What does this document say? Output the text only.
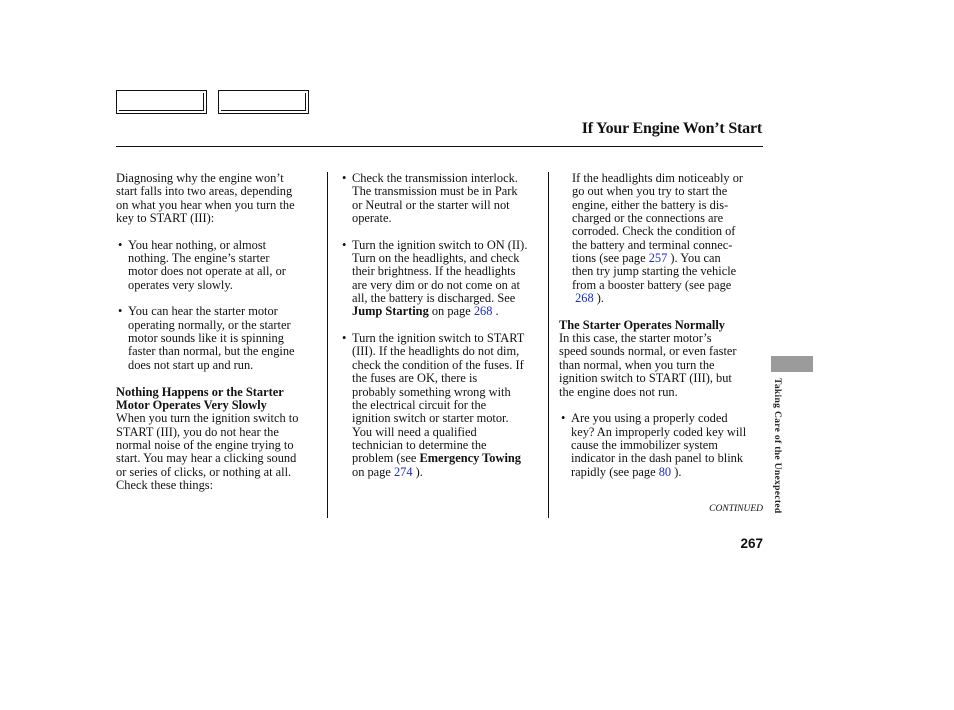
If Your Engine Won’t Start

Diagnosing why the engine won’t

start falls into two areas, depending

on what you hear when you turn the

key to START (III):

• You hear nothing, or almost

nothing. The engine’s starter

motor does not operate at all, or

operates very slowly.

• You can hear the starter motor

operating normally, or the starter

motor sounds like it is spinning

faster than normal, but the engine

does not start up and run.

Nothing Happens or the Starter

Motor Operates Very Slowly

When you turn the ignition switch to

START (III), you do not hear the

normal noise of the engine trying to

start. You may hear a clicking sound

or series of clicks, or nothing at all.

Check these things:

• Check the transmission interlock.

The transmission must be in Park

or Neutral or the starter will not

operate.

• Turn the ignition switch to ON (II).

Turn on the headlights, and check

their brightness. If the headlights

are very dim or do not come on at

all, the battery is discharged. See

Jump Starting on page 268 .

• Turn the ignition switch to START

(III). If the headlights do not dim,

check the condition of the fuses. If

the fuses are OK, there is

probably something wrong with

the electrical circuit for the

ignition switch or starter motor.

You will need a qualified

technician to determine the

problem (see Emergency Towing

on page 274 ).

If the headlights dim noticeably or

go out when you try to start the

engine, either the battery is dis-

charged or the connections are

corroded. Check the condition of

the battery and terminal connec-

tions (see page 257 ). You can

then try jump starting the vehicle

from a booster battery (see page

268 ).

The Starter Operates Normally

In this case, the starter motor’s

speed sounds normal, or even faster

than normal, when you turn the

ignition switch to START (III), but

the engine does not run.

• Are you using a properly coded

key? An improperly coded key will

cause the immobilizer system

indicator in the dash panel to blink

rapidly (see page 80 ).	Taking Care of the Unexpected
CONTINUED
267
